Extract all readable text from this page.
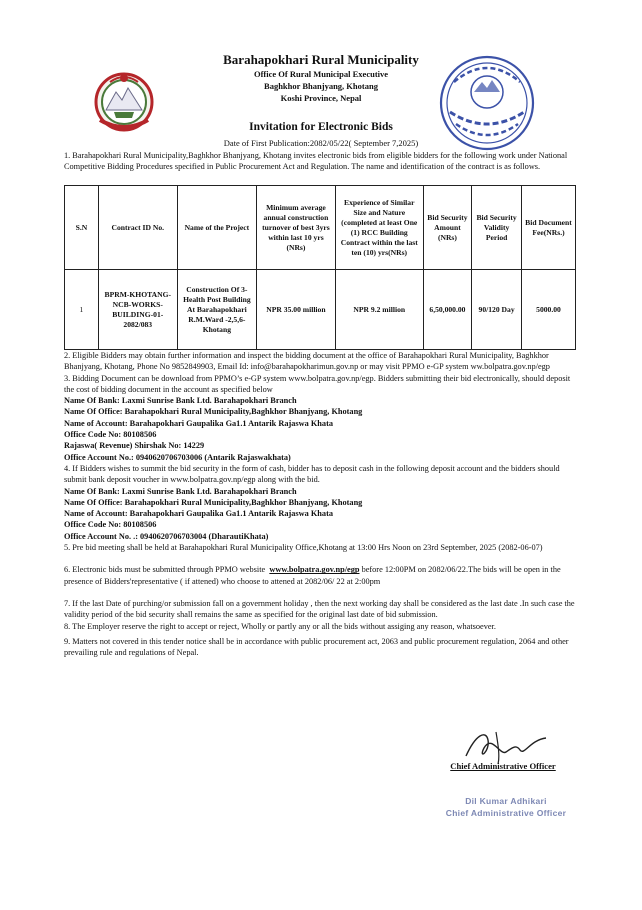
Barahapokhari Rural Municipality
Office Of Rural Municipal Executive
Baghkhor Bhanjyang, Khotang
Koshi Province, Nepal
Invitation for Electronic Bids
Date of First Publication:2082/05/22( September 7,2025)
1. Barahapokhari Rural Municipality,Baghkhor Bhanjyang, Khotang invites electronic bids from eligible bidders for the following work under National Competitive Bidding Procedures specified in Public Procurement Act and Regulation. The name and identification of the contract is as follows.
S.N	Contract ID No.	Name of the Project	Minimum average annual construction turnover of best 3yrs within last 10 yrs (NRs)	Experience of Similar Size and Nature (completed at least One (1) RCC Building Contract within the last ten (10) yrs(NRs)	Bid Security Amount (NRs)	Bid Security Validity Period	Bid Document Fee(NRs.)
1	BPRM-KHOTANG-NCB-WORKS-BUILDING-01-2082/083	Construction Of 3-Health Post Building At Barahapokhari R.M.Ward -2,5,6-Khotang	NPR 35.00 million	NPR 9.2 million	6,50,000.00	90/120 Day	5000.00

2. Eligible Bidders may obtain further information and inspect the bidding document at the office of Barahapokhari Rural Municipality, Baghkhor Bhanjyang, Khotang, Phone No 9852849903, Email Id: info@barahapokharimun.gov.np or may visit PPMO e-GP system ww.bolpatra.gov.np/egp

3. Bidding Document can be download from PPMO’s e-GP system www.bolpatra.gov.np/egp. Bidders submitting their bid electronically, should deposit the cost of bidding document in the account as specified below

Name Of Bank: Laxmi Sunrise Bank Ltd. Barahapokhari Branch

Name Of Office: Barahapokhari Rural Municipality,Baghkhor Bhanjyang, Khotang

Name of Account: Barahapokhari Gaupalika Ga1.1 Antarik Rajaswa Khata

Office Code No: 80108506

Rajaswa( Revenue) Shirshak No: 14229

Office Account No.: 0940620706703006 (Antarik Rajaswakhata)

4. If Bidders wishes to summit the bid security in the form of cash, bidder has to deposit cash in the following deposit account and the bidders should submit bank deposit voucher in www.bolpatra.gov.np/egp along with the bid.

Name Of Bank: Laxmi Sunrise Bank Ltd. Barahapokhari Branch

Name Of Office: Barahapokhari Rural Municipality,Baghkhor Bhanjyang, Khotang

Name of Account: Barahapokhari Gaupalika Ga1.1 Antarik Rajaswa Khata

Office Code No: 80108506

Office Account No. .: 0940620706703004 (DharautiKhata)

5. Pre bid meeting shall be held at Barahapokhari Rural Municipality Office,Khotang at 13:00 Hrs Noon on 23rd September, 2025 (2082-06-07)

6. Electronic bids must be submitted through PPMO website www.bolpatra.gov.np/egp before 12:00PM on 2082/06/22.The bids will be open in the presence of Bidders'representative ( if attened) who choose to attened at 2082/06/ 22 at 2:00pm

7. If the last Date of purching/or submission fall on a government holiday , then the next working day shall be considered as the last date .In such case the validity period of the bid security shall remains the same as specified for the original last date of bid submission.

8. The Employer reserve the right to accept or reject, Wholly or partly any or all the bids without assiging any reason, whatsoever.

9. Matters not covered in this tender notice shall be in accordance with public procurement act, 2063 and public procurement regulation, 2064 and other prevailing rule and regulations of Nepal.

Chief Administrative Officer
Dil Kumar Adhikari
Chief Administrative Officer
